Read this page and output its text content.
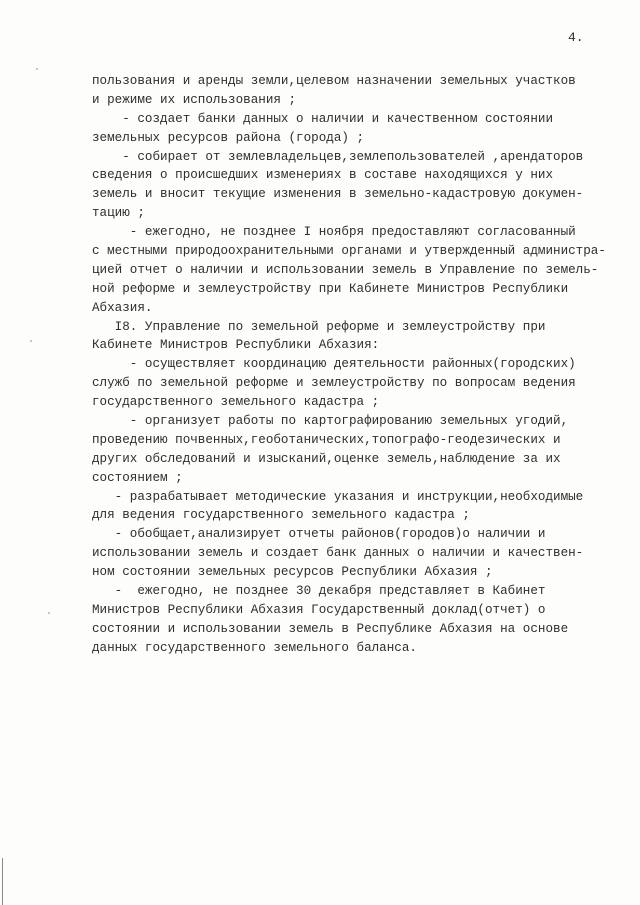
4.
пользования и аренды земли,целевом назначении земельных участков
и режиме их использования ;
- создает банки данных о наличии и качественном состоянии
земельных ресурсов района (города) ;
- собирает от землевладельцев,землепользователей ,арендаторов
сведения о происшедших изменериях в составе находящихся у них
земель и вносит текущие изменения в земельно-кадастровую докумен-
тацию ;
- ежегодно, не позднее I ноября предоставляют согласованный
с местными природоохранительными органами и утвержденный администра-
цией отчет о наличии и использовании земель в Управление по земель-
ной реформе и землеустройству при Кабинете Министров Республики
Абхазия.
I8. Управление по земельной реформе и землеустройству при
Кабинете Министров Республики Абхазия:
- осуществляет координацию деятельности районных(городских)
служб по земельной реформе и землеустройству по вопросам ведения
государственного земельного кадастра ;
- организует работы по картографированию земельных угодий,
проведению почвенных,геоботанических,топографо-геодезических и
других обследований и изысканий,оценке земель,наблюдение за их
состоянием ;
- разрабатывает методические указания и инструкции,необходимые
для ведения государственного земельного кадастра ;
- обобщает,анализирует отчеты районов(городов)о наличии и
использовании земель и создает банк данных о наличии и качествен-
ном состоянии земельных ресурсов Республики Абхазия ;
-  ежегодно, не позднее 30 декабря представляет в Кабинет
Министров Республики Абхазия Государственный доклад(отчет) о
состоянии и использовании земель в Республике Абхазия на основе
данных государственного земельного баланса.
